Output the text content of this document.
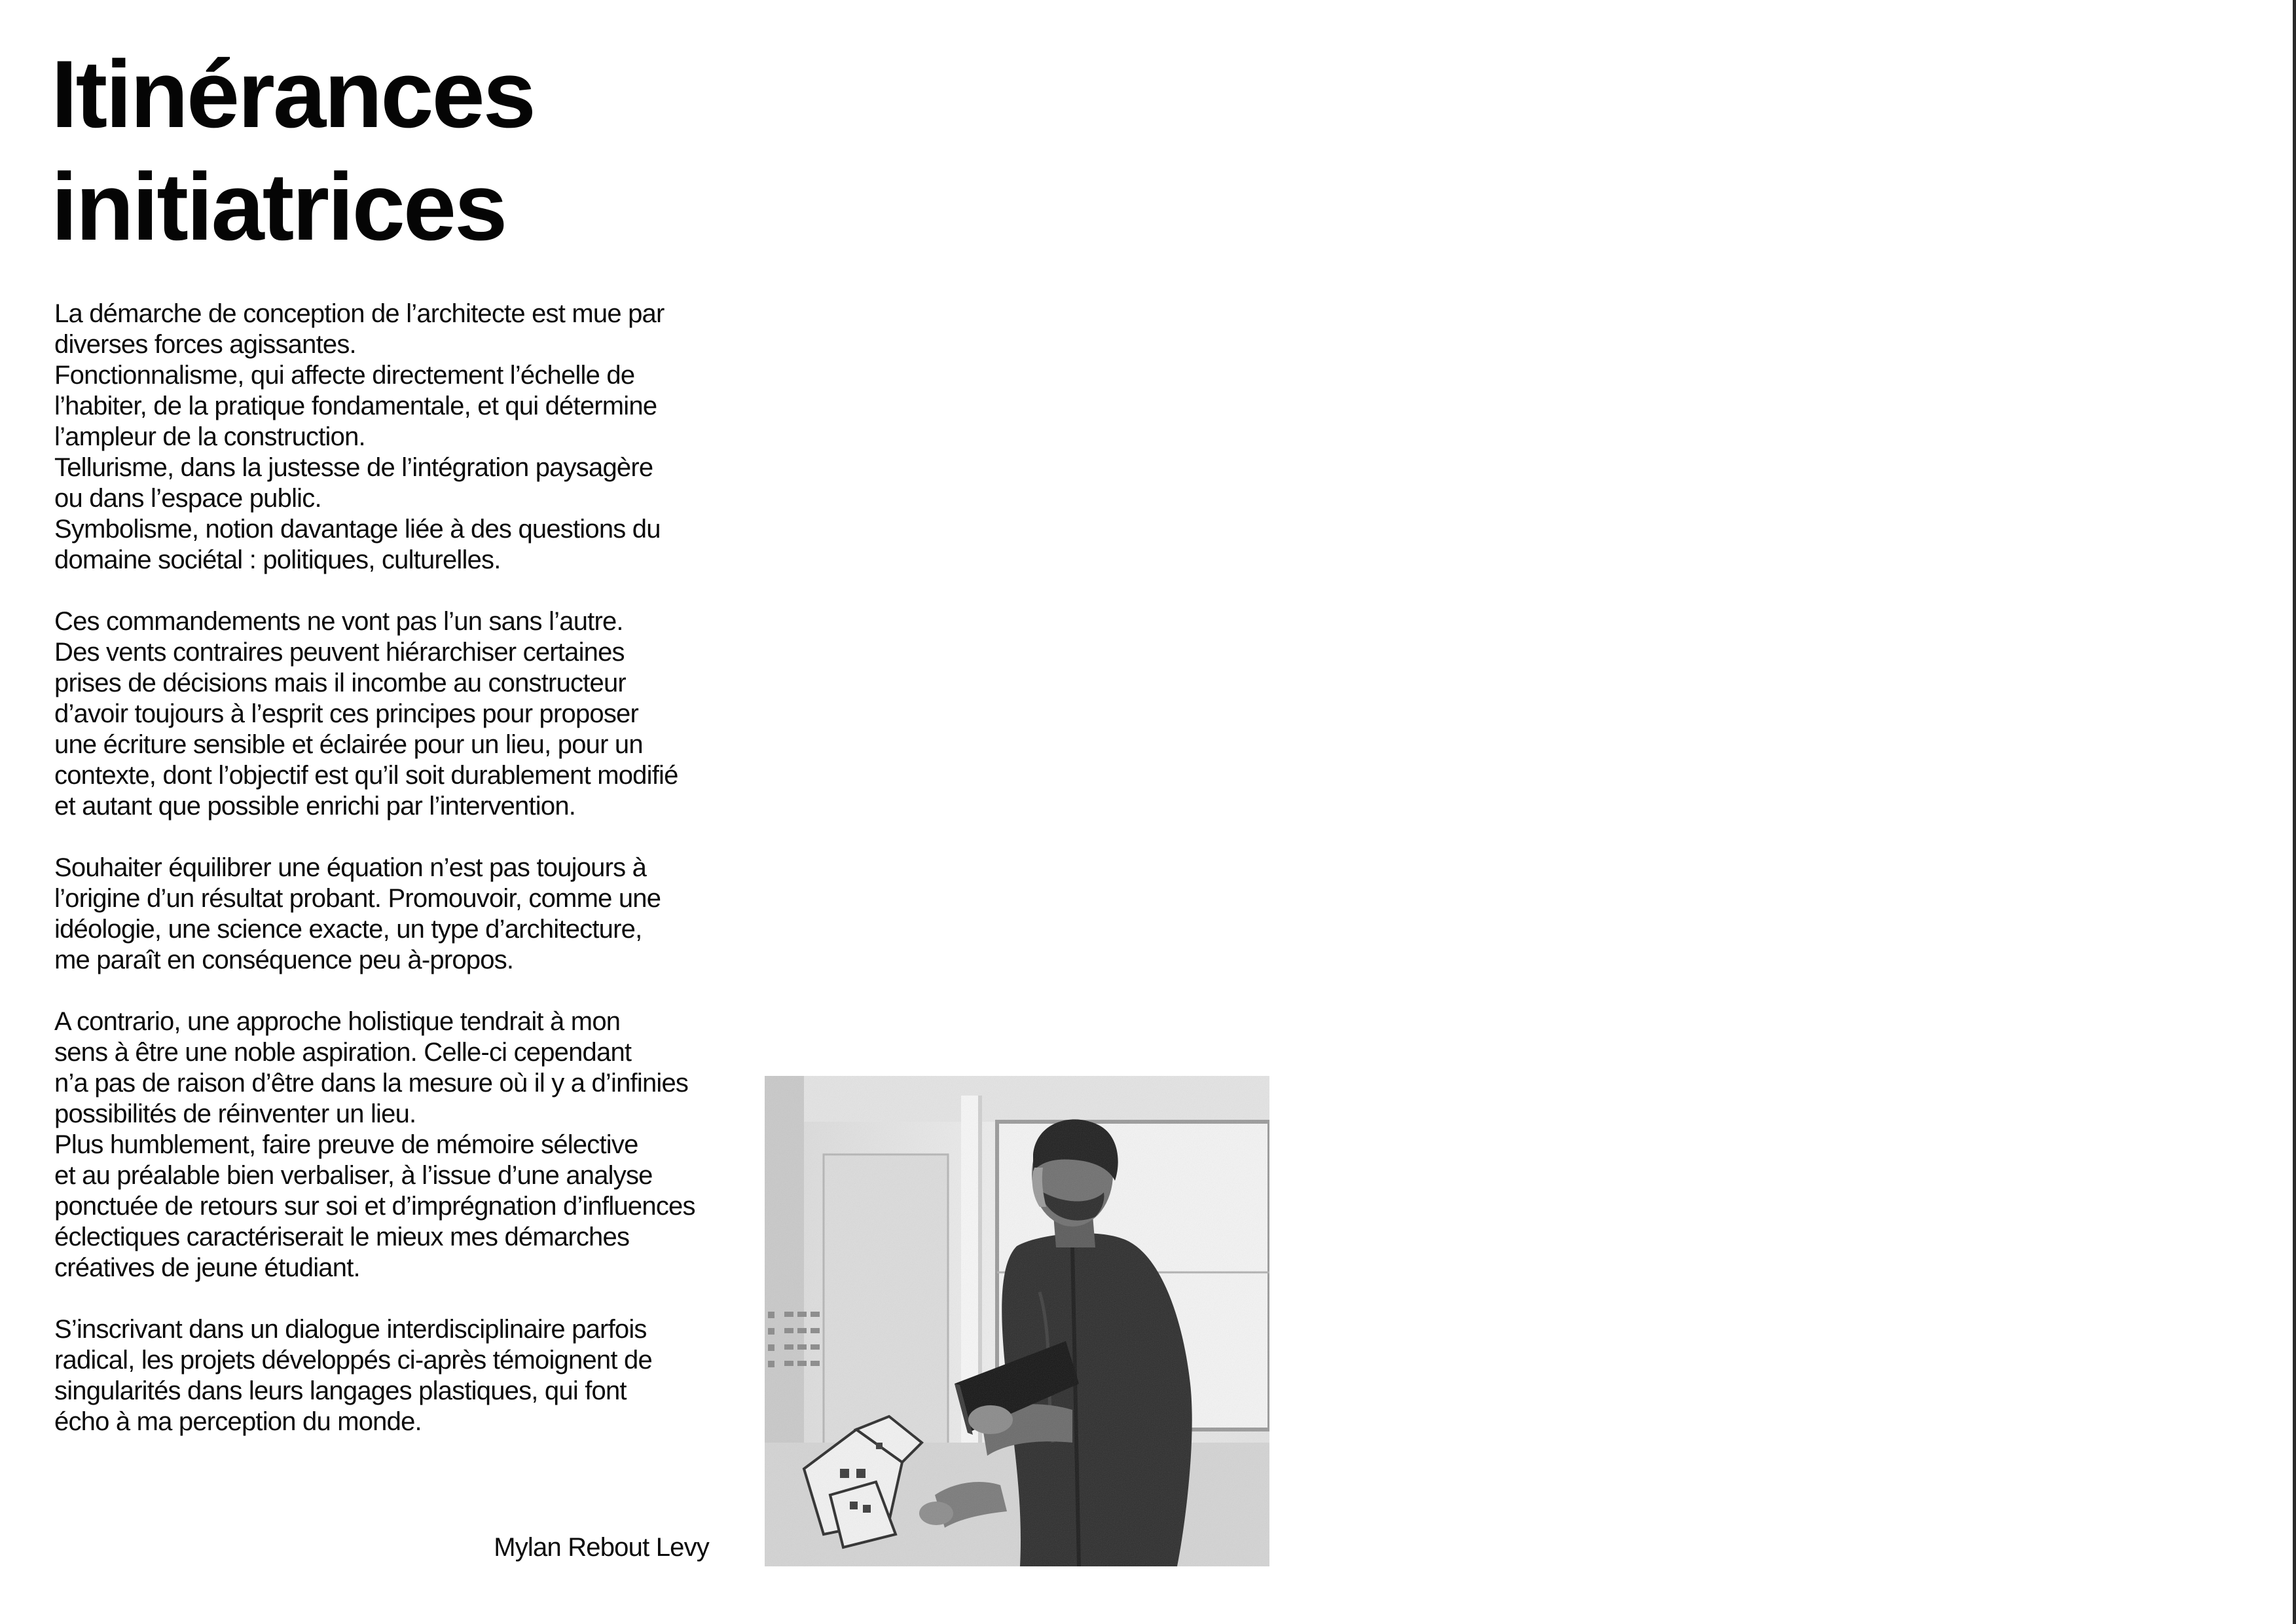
Itinérances
initiatrices

La démarche de conception de l’architecte est mue par
diverses forces agissantes.
Fonctionnalisme, qui affecte directement l’échelle de
l’habiter, de la pratique fondamentale, et qui détermine
l’ampleur de la construction.
Tellurisme, dans la justesse de l’intégration paysagère
ou dans l’espace public.
Symbolisme, notion davantage liée à des questions du
domaine sociétal : politiques, culturelles.

Ces commandements ne vont pas l’un sans l’autre.
Des vents contraires peuvent hiérarchiser certaines
prises de décisions mais il incombe au constructeur
d’avoir toujours à l’esprit ces principes pour proposer
une écriture sensible et éclairée pour un lieu, pour un
contexte, dont l’objectif est qu’il soit durablement modifié
et autant que possible enrichi par l’intervention.

Souhaiter équilibrer une équation n’est pas toujours à
l’origine d’un résultat probant. Promouvoir, comme une
idéologie, une science exacte, un type d’architecture,
me paraît en conséquence peu à-propos.

A contrario, une approche holistique tendrait à mon
sens à être une noble aspiration. Celle-ci cependant
n’a pas de raison d’être dans la mesure où il y a d’infinies
possibilités de réinventer un lieu.
Plus humblement, faire preuve de mémoire sélective
et au préalable bien verbaliser, à l’issue d’une analyse
ponctuée de retours sur soi et d’imprégnation d’influences
éclectiques caractériserait le mieux mes démarches
créatives de jeune étudiant.

S’inscrivant dans un dialogue interdisciplinaire parfois
radical, les projets développés ci-après témoignent de
singularités dans leurs langages plastiques, qui font
écho à ma perception du monde.

Mylan Rebout Levy
